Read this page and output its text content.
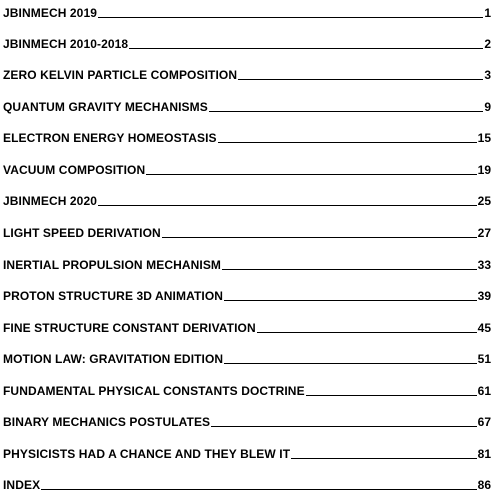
JBINMECH 2019	1
JBINMECH 2010-2018	2
ZERO KELVIN PARTICLE COMPOSITION	3
QUANTUM GRAVITY MECHANISMS	9
ELECTRON ENERGY HOMEOSTASIS	15
VACUUM COMPOSITION	19
JBINMECH 2020	25
LIGHT SPEED DERIVATION	27
INERTIAL PROPULSION MECHANISM	33
PROTON STRUCTURE 3D ANIMATION	39
FINE STRUCTURE CONSTANT DERIVATION	45
MOTION LAW: GRAVITATION EDITION	51
FUNDAMENTAL PHYSICAL CONSTANTS DOCTRINE	61
BINARY MECHANICS POSTULATES	67
PHYSICISTS HAD A CHANCE AND THEY BLEW IT	81
INDEX	86
